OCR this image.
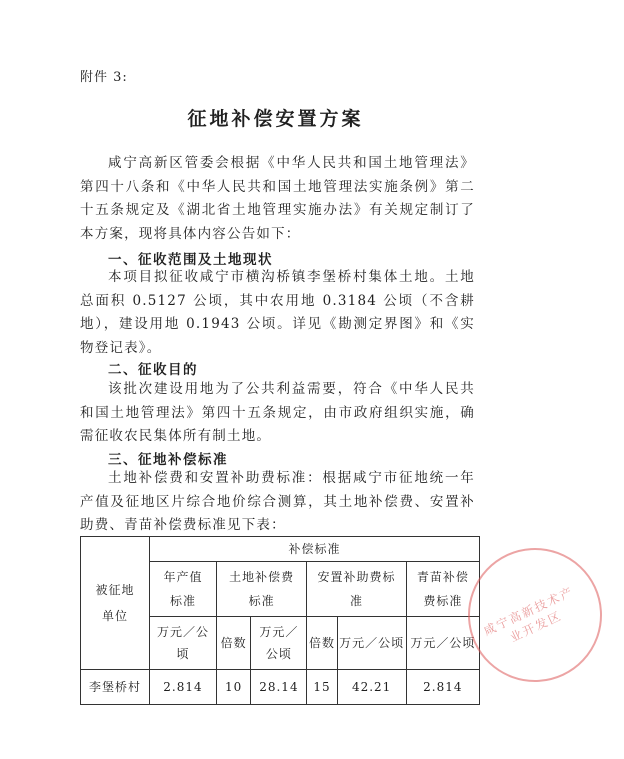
附件 3:
征地补偿安置方案
咸宁高新区管委会根据《中华人民共和国土地管理法》第四十八条和《中华人民共和国土地管理法实施条例》第二十五条规定及《湖北省土地管理实施办法》有关规定制订了本方案，现将具体内容公告如下：
一、征收范围及土地现状
本项目拟征收咸宁市横沟桥镇李堡桥村集体土地。土地总面积 0.5127 公顷，其中农用地 0.3184 公顷（不含耕地），建设用地 0.1943 公顷。详见《勘测定界图》和《实物登记表》。
二、征收目的
该批次建设用地为了公共利益需要，符合《中华人民共和国土地管理法》第四十五条规定，由市政府组织实施，确需征收农民集体所有制土地。
三、征地补偿标准
土地补偿费和安置补助费标准：根据咸宁市征地统一年产值及征地区片综合地价综合测算，其土地补偿费、安置补助费、青苗补偿费标准见下表：
被征地单位	补偿标准					
	年产值标准	土地补偿费标准		安置补助费标准		青苗补偿费标准
	万元／公顷	倍数	万元／公顷	倍数	万元／公顷	万元／公顷
李堡桥村	2.814	10	28.14	15	42.21	2.814
咸宁高新技术产业开发区
